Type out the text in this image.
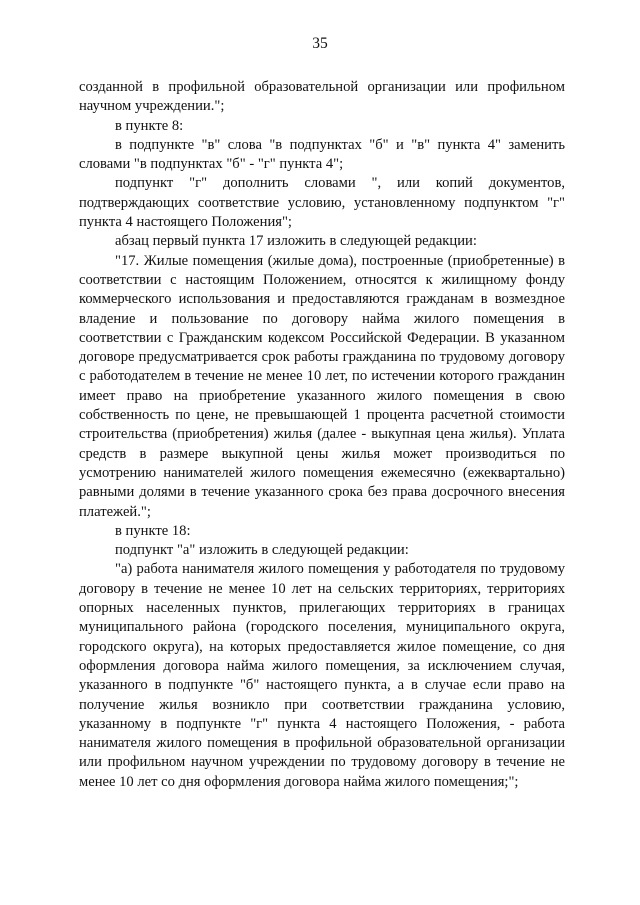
35

созданной в профильной образовательной организации или профильном научном учреждении.";

в пункте 8:

в подпункте "в" слова "в подпунктах "б" и "в" пункта 4" заменить словами "в подпунктах "б" - "г" пункта 4";

подпункт "г" дополнить словами ", или копий документов, подтверждающих соответствие условию, установленному подпунктом "г" пункта 4 настоящего Положения";

абзац первый пункта 17 изложить в следующей редакции:

"17. Жилые помещения (жилые дома), построенные (приобретенные) в соответствии с настоящим Положением, относятся к жилищному фонду коммерческого использования и предоставляются гражданам в возмездное владение и пользование по договору найма жилого помещения в соответствии с Гражданским кодексом Российской Федерации. В указанном договоре предусматривается срок работы гражданина по трудовому договору с работодателем в течение не менее 10 лет, по истечении которого гражданин имеет право на приобретение указанного жилого помещения в свою собственность по цене, не превышающей 1 процента расчетной стоимости строительства (приобретения) жилья (далее - выкупная цена жилья). Уплата средств в размере выкупной цены жилья может производиться по усмотрению нанимателей жилого помещения ежемесячно (ежеквартально) равными долями в течение указанного срока без права досрочного внесения платежей.";

в пункте 18:

подпункт "а" изложить в следующей редакции:

"а) работа нанимателя жилого помещения у работодателя по трудовому договору в течение не менее 10 лет на сельских территориях, территориях опорных населенных пунктов, прилегающих территориях в границах муниципального района (городского поселения, муниципального округа, городского округа), на которых предоставляется жилое помещение, со дня оформления договора найма жилого помещения, за исключением случая, указанного в подпункте "б" настоящего пункта, а в случае если право на получение жилья возникло при соответствии гражданина условию, указанному в подпункте "г" пункта 4 настоящего Положения, - работа нанимателя жилого помещения в профильной образовательной организации или профильном научном учреждении по трудовому договору в течение не менее 10 лет со дня оформления договора найма жилого помещения;";
